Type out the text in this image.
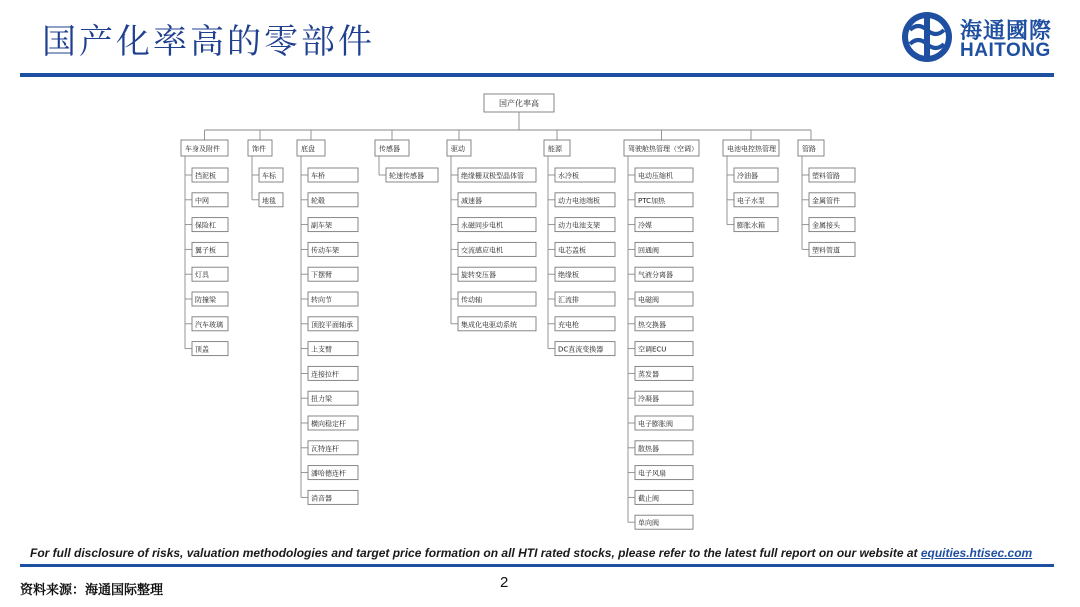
国产化率高的零部件	海通國際
HAITONG
国产化率高
车身及附件
挡泥板
中网
保险杠
翼子板
灯具
防撞梁
汽车玻璃
顶盖
饰件
车标
地毯
底盘
车桥
轮毂
副车架
传动车架
下摆臂
转向节
顶胶平面轴承
上支臂
连接拉杆
扭力梁
横向稳定杆
瓦特连杆
潘哈德连杆
消音器
传感器
轮速传感器
驱动
绝缘栅双极型晶体管
减速器
永磁同步电机
交流感应电机
旋转变压器
传动轴
集成化电驱动系统
能源
水冷板
动力电池端板
动力电池支架
电芯盖板
绝缘板
汇流排
充电枪
DC直流变换器
驾驶舱热管理（空调）
电动压缩机
PTC加热
冷媒
回通阀
气液分离器
电磁阀
热交换器
空调ECU
蒸发器
冷凝器
电子膨胀阀
散热器
电子风扇
截止阀
单向阀
电池电控热管理
冷油器
电子水泵
膨胀水箱
管路
塑料管路
金属管件
金属接头
塑料管道
For full disclosure of risks, valuation methodologies and target price formation on all HTI rated stocks, please refer to the latest full report on our website at equities.htisec.com
2
资料来源：海通国际整理
